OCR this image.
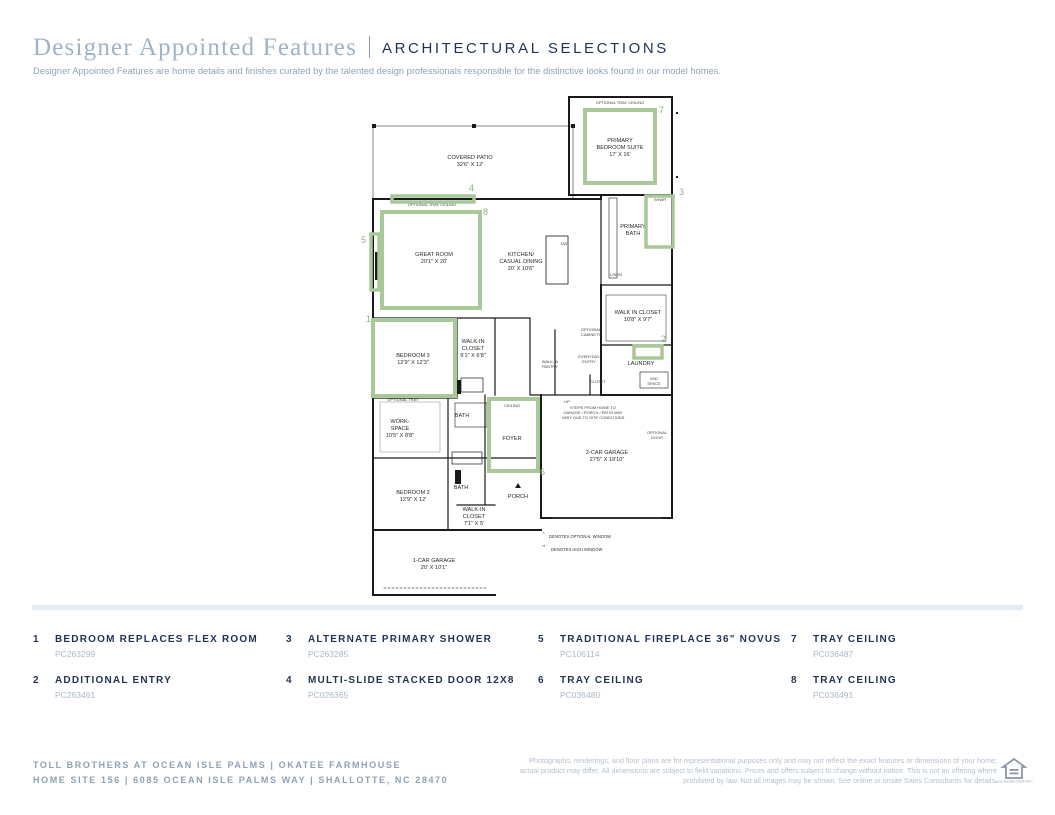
Designer Appointed Features ARCHITECTURAL SELECTIONS
Designer Appointed Features are home details and finishes curated by the talented design professionals responsible for the distinctive looks found in our model homes.
COVERED PATIO
32'6" X 12'
PRIMARY
BEDROOM SUITE
17' X 16'
PRIMARY
BATH
GREAT ROOM
20'1" X 20'
KITCHEN/
CASUAL DINING
20' X 10'6"
WALK IN CLOSET
10'8" X 9'7"
BEDROOM 3
12'9" X 12'3"
WALK-IN
CLOSET
9'1" X 6'8"
LAUNDRY
WORK-
SPACE
10'5" X 8'8"
BATH
FOYER
2-CAR GARAGE
27'5" X 19'10"
BEDROOM 2
12'9" X 12'
BATH
PORCH
WALK-IN
CLOSET
7'1" X 5'
1-CAR GARAGE
20' X 10'1"
WALK-IN
PANTRY
EVERYDAY
ENTRY
CLOSET
LINEN
DW
W/D
SPACE
SHWR
OPTIONAL
CABINETS
OPTIONAL
DOOR
OPTIONAL TRAY CEILING
OPTIONAL TRAY CEILING
OPTIONAL TRAY
CEILING	STEPS FROM HOME TO
GARAGE / PORCH / PATIO MAY
VARY DUE TO SITE CONDITIONS
UP
*
DENOTES OPTIONAL WINDOW
**
DENOTES HIGH WINDOW
1
2
3
4
5
6
7
8
1 BEDROOM REPLACES FLEX ROOM
PC263299
2 ADDITIONAL ENTRY
PC263461
3 ALTERNATE PRIMARY SHOWER
PC263285
4 MULTI-SLIDE STACKED DOOR 12X8
PC026365
5 TRADITIONAL FIREPLACE 36" NOVUS
PC106114
6 TRAY CEILING
PC036480
7 TRAY CEILING
PC036487
8 TRAY CEILING
PC036491
TOLL BROTHERS AT OCEAN ISLE PALMS | OKATEE FARMHOUSE
HOME SITE 156 | 6085 OCEAN ISLE PALMS WAY | SHALLOTTE, NC 28470
Photographs, renderings, and floor plans are for representational purposes only and may not reflect the exact features or dimensions of your home; actual product may differ. All dimensions are subject to field variations. Prices and offers subject to change without notice. This is not an offering where prohibited by law. Not all images may be shown. See online or onsite Sales Consultants for details.
EQUAL HOUSING OPPORTUNITY
